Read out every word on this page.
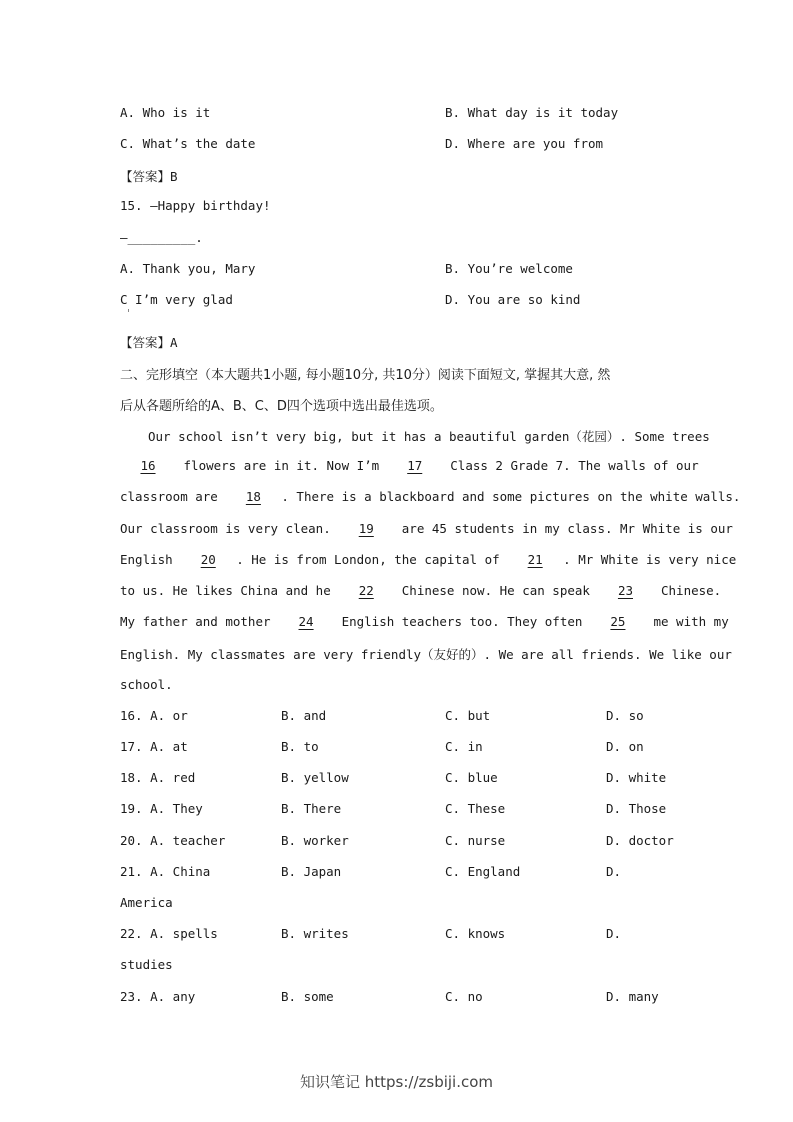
A. Who is it	B. What day is it today
C. What’s the date	D. Where are you from
【答案】B
15. —Happy birthday!
—_________.
A. Thank you, Mary	B. You’re welcome
C I’m very glad	D. You are so kind
【答案】A
二、完形填空（本大题共1小题, 每小题10分, 共10分）阅读下面短文, 掌握其大意, 然
后从各题所给的A、B、C、D四个选项中选出最佳选项。
Our school isn’t very big, but it has a beautiful garden（花园）. Some trees
16 flowers are in it. Now I’m 17 Class 2 Grade 7. The walls of our
classroom are 18 . There is a blackboard and some pictures on the white walls.
Our classroom is very clean. 19 are 45 students in my class. Mr White is our
English 20 . He is from London, the capital of 21 . Mr White is very nice
to us. He likes China and he 22 Chinese now. He can speak 23 Chinese.
My father and mother 24 English teachers too. They often 25 me with my
English. My classmates are very friendly（友好的）. We are all friends. We like our
school.
16. A. or	B. and	C. but	D. so
17. A. at	B. to	C. in	D. on
18. A. red	B. yellow	C. blue	D. white
19. A. They	B. There	C. These	D. Those
20. A. teacher	B. worker	C. nurse	D. doctor
21. A. China	B. Japan	C. England	D.
America
22. A. spells	B. writes	C. knows	D.
studies
23. A. any	B. some	C. no	D. many
知识笔记 https://zsbiji.com
